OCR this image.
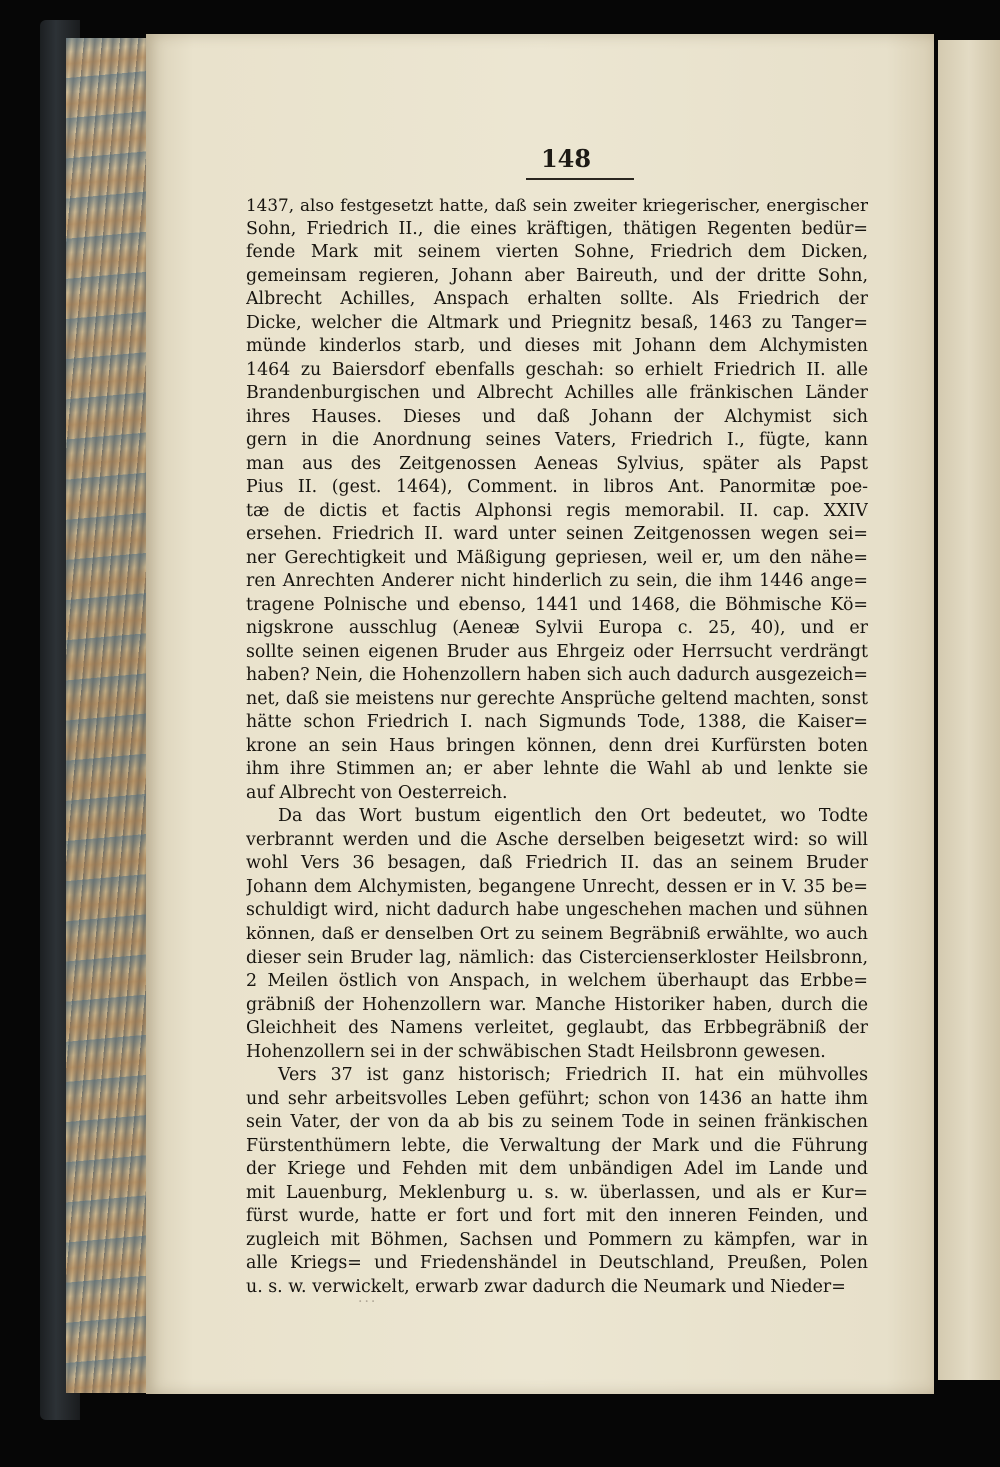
148
1437, also festgesetzt hatte, daß sein zweiter kriegerischer, energischer
Sohn, Friedrich II., die eines kräftigen, thätigen Regenten bedür=
fende Mark mit seinem vierten Sohne, Friedrich dem Dicken,
gemeinsam regieren, Johann aber Baireuth, und der dritte Sohn,
Albrecht Achilles, Anspach erhalten sollte. Als Friedrich der
Dicke, welcher die Altmark und Priegnitz besaß, 1463 zu Tanger=
münde kinderlos starb, und dieses mit Johann dem Alchymisten
1464 zu Baiersdorf ebenfalls geschah: so erhielt Friedrich II. alle
Brandenburgischen und Albrecht Achilles alle fränkischen Länder
ihres Hauses. Dieses und daß Johann der Alchymist sich
gern in die Anordnung seines Vaters, Friedrich I., fügte, kann
man aus des Zeitgenossen Aeneas Sylvius, später als Papst
Pius II. (gest. 1464), Comment. in libros Ant. Panormitæ poe-
tæ de dictis et factis Alphonsi regis memorabil. II. cap. XXIV
ersehen. Friedrich II. ward unter seinen Zeitgenossen wegen sei=
ner Gerechtigkeit und Mäßigung gepriesen, weil er, um den nähe=
ren Anrechten Anderer nicht hinderlich zu sein, die ihm 1446 ange=
tragene Polnische und ebenso, 1441 und 1468, die Böhmische Kö=
nigskrone ausschlug (Aeneæ Sylvii Europa c. 25, 40), und er
sollte seinen eigenen Bruder aus Ehrgeiz oder Herrsucht verdrängt
haben? Nein, die Hohenzollern haben sich auch dadurch ausgezeich=
net, daß sie meistens nur gerechte Ansprüche geltend machten, sonst
hätte schon Friedrich I. nach Sigmunds Tode, 1388, die Kaiser=
krone an sein Haus bringen können, denn drei Kurfürsten boten
ihm ihre Stimmen an; er aber lehnte die Wahl ab und lenkte sie
auf Albrecht von Oesterreich.
Da das Wort bustum eigentlich den Ort bedeutet, wo Todte
verbrannt werden und die Asche derselben beigesetzt wird: so will
wohl Vers 36 besagen, daß Friedrich II. das an seinem Bruder
Johann dem Alchymisten, begangene Unrecht, dessen er in V. 35 be=
schuldigt wird, nicht dadurch habe ungeschehen machen und sühnen
können, daß er denselben Ort zu seinem Begräbniß erwählte, wo auch
dieser sein Bruder lag, nämlich: das Cistercienserkloster Heilsbronn,
2 Meilen östlich von Anspach, in welchem überhaupt das Erbbe=
gräbniß der Hohenzollern war. Manche Historiker haben, durch die
Gleichheit des Namens verleitet, geglaubt, das Erbbegräbniß der
Hohenzollern sei in der schwäbischen Stadt Heilsbronn gewesen.
Vers 37 ist ganz historisch; Friedrich II. hat ein mühvolles
und sehr arbeitsvolles Leben geführt; schon von 1436 an hatte ihm
sein Vater, der von da ab bis zu seinem Tode in seinen fränkischen
Fürstenthümern lebte, die Verwaltung der Mark und die Führung
der Kriege und Fehden mit dem unbändigen Adel im Lande und
mit Lauenburg, Meklenburg u. s. w. überlassen, und als er Kur=
fürst wurde, hatte er fort und fort mit den inneren Feinden, und
zugleich mit Böhmen, Sachsen und Pommern zu kämpfen, war in
alle Kriegs= und Friedenshändel in Deutschland, Preußen, Polen
u. s. w. verwickelt, erwarb zwar dadurch die Neumark und Nieder=
···
